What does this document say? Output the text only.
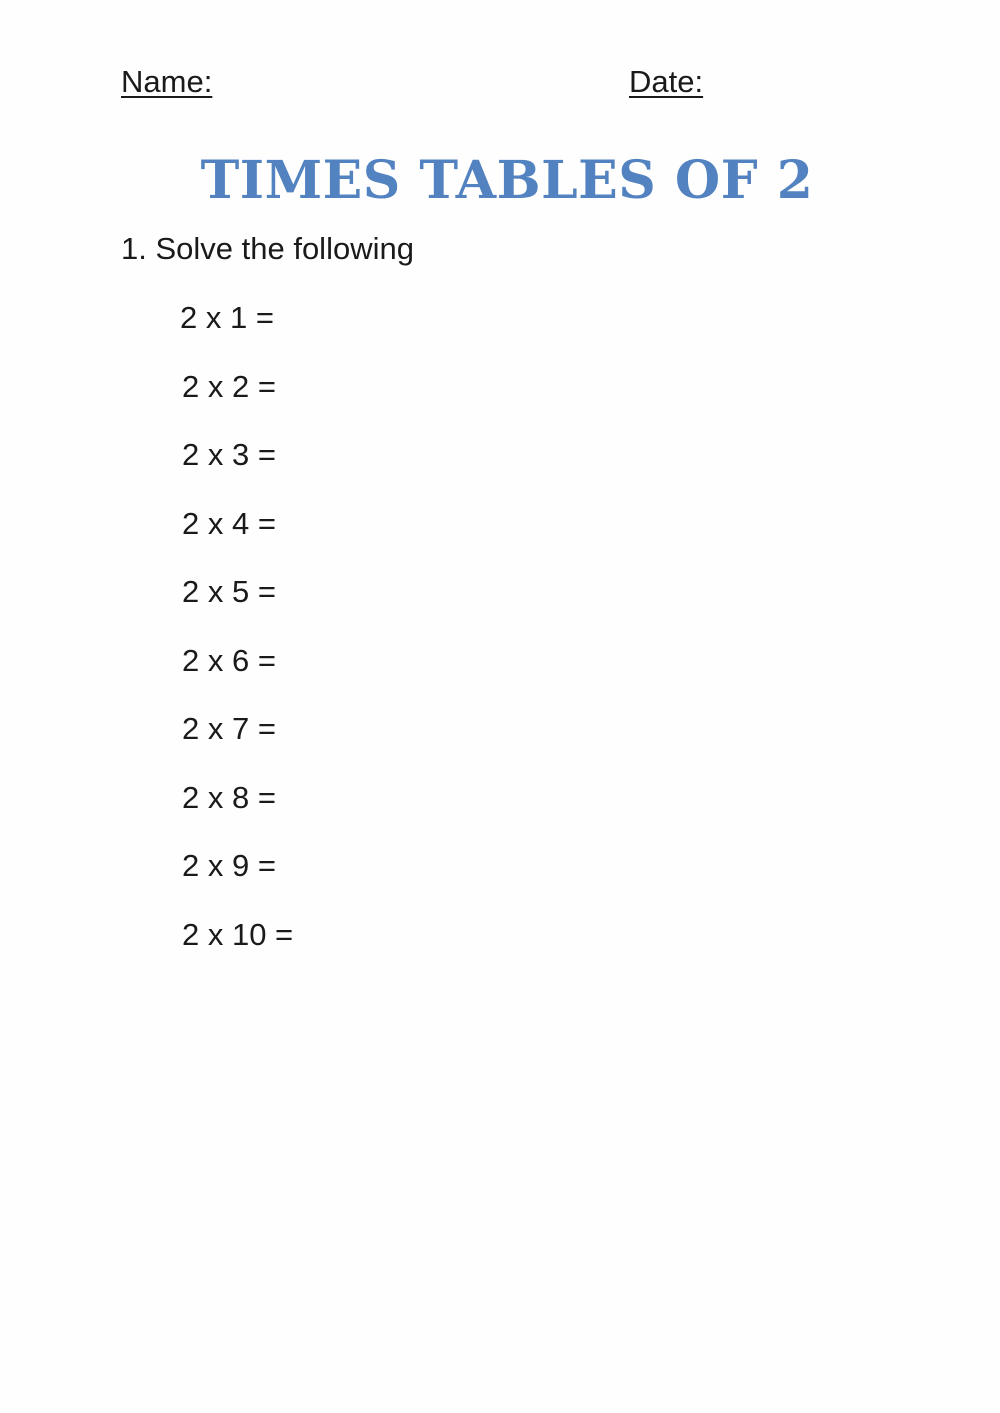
Name:	Date:
TIMES TABLES OF 2
1. Solve the following
2 x 1 =
2 x 2 =
2 x 3 =
2 x 4 =
2 x 5 =
2 x 6 =
2 x 7 =
2 x 8 =
2 x 9 =
2 x 10 =
